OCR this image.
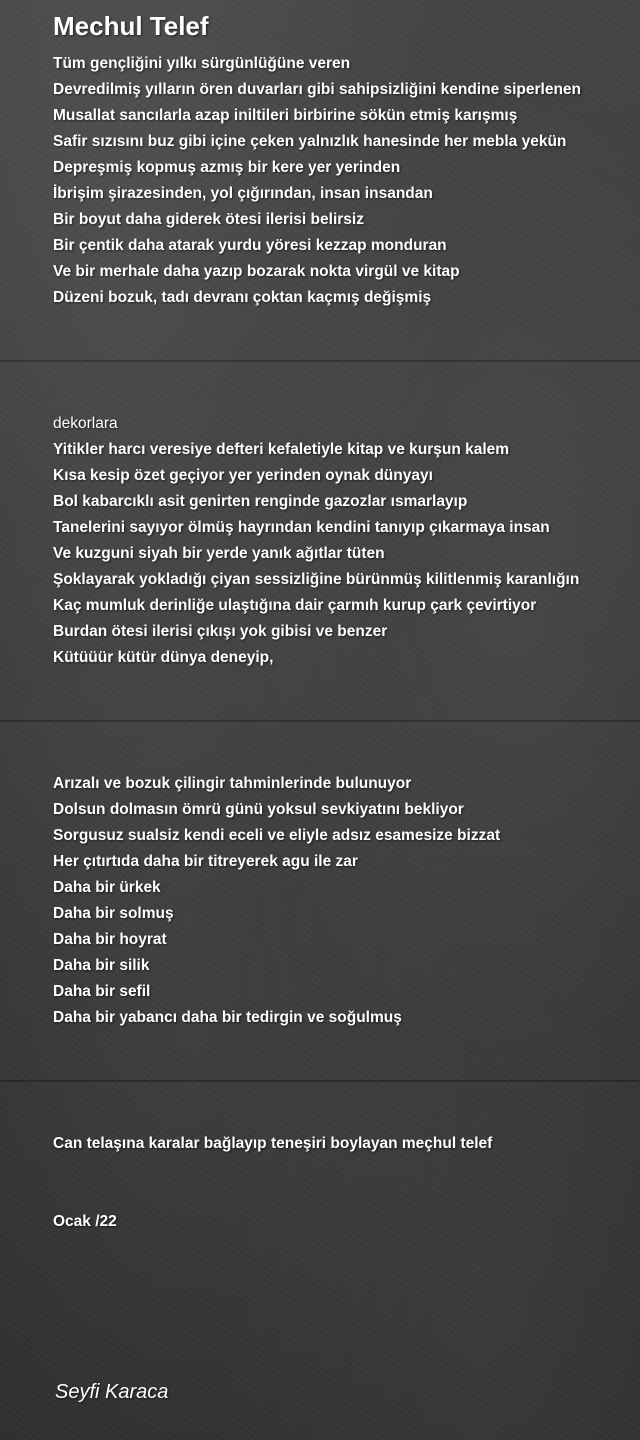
Mechul Telef
Tüm gençliğini yılkı sürgünlüğüne veren
Devredilmiş yılların ören duvarları gibi sahipsizliğini kendine siperlenen
Musallat sancılarla azap iniltileri birbirine sökün etmiş karışmış
Safir sızısını buz gibi içine çeken yalnızlık hanesinde her mebla yekün
Depreşmiş kopmuş azmış bir kere yer yerinden
İbrişim şirazesinden, yol çığırından, insan insandan
Bir boyut daha giderek ötesi ilerisi belirsiz
Bir çentik daha atarak yurdu yöresi kezzap monduran
Ve bir merhale daha yazıp bozarak nokta virgül ve kitap
Düzeni bozuk, tadı devranı çoktan kaçmış değişmiş
dekorlara
Yitikler harcı veresiye defteri kefaletiyle kitap ve kurşun kalem
Kısa kesip özet geçiyor yer yerinden oynak dünyayı
Bol kabarcıklı asit genirten renginde gazozlar ısmarlayıp
Tanelerini sayıyor ölmüş hayrından kendini tanıyıp çıkarmaya insan
Ve kuzguni siyah bir yerde yanık ağıtlar tüten
Şoklayarak yokladığı çiyan sessizliğine bürünmüş kilitlenmiş karanlığın
Kaç mumluk derinliğe ulaştığına dair çarmıh kurup çark çevirtiyor
Burdan ötesi ilerisi çıkışı yok gibisi ve benzer
Kütüüür kütür dünya deneyip,
Arızalı ve bozuk çilingir tahminlerinde bulunuyor
Dolsun dolmasın ömrü günü yoksul sevkiyatını bekliyor
Sorgusuz sualsiz kendi eceli ve eliyle adsız esamesize bizzat
Her çıtırtıda daha bir titreyerek agu ile zar
Daha bir ürkek
Daha bir solmuş
Daha bir hoyrat
Daha bir silik
Daha bir sefil
Daha bir yabancı daha bir tedirgin ve soğulmuş
Can telaşına karalar bağlayıp teneşiri boylayan meçhul telef
Ocak /22
Seyfi Karaca
